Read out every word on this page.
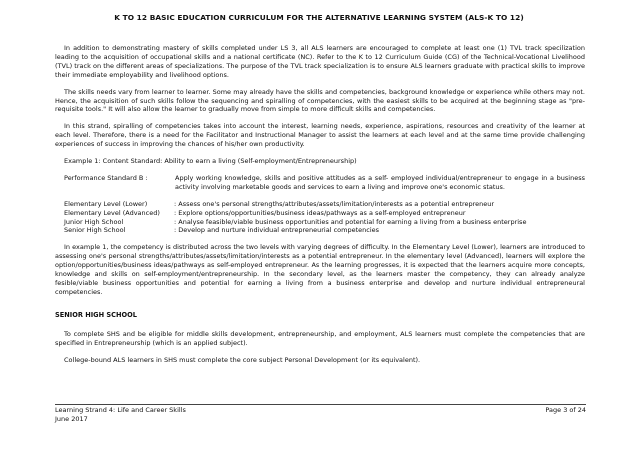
K TO 12 BASIC EDUCATION CURRICULUM FOR THE ALTERNATIVE LEARNING SYSTEM (ALS-K TO 12)

In addition to demonstrating mastery of skills completed under LS 3, all ALS learners are encouraged to complete at least one (1) TVL track specilization leading to the acquisition of occupational skills and a national certificate (NC). Refer to the K to 12 Curriculum Guide (CG) of the Technical-Vocational Livelihood (TVL) track on the different areas of specializations. The purpose of the TVL track specialization is to ensure ALS learners graduate with practical skills to improve their immediate employability and livelihood options.

The skills needs vary from learner to learner. Some may already have the skills and competencies, background knowledge or experience while others may not. Hence, the acquisition of such skills follow the sequencing and spiralling of competencies, with the easiest skills to be acquired at the beginning stage as "pre-requisite tools." It will also allow the learner to gradually move from simple to more difficult skills and competencies.

In this strand, spiralling of competencies takes into account the interest, learning needs, experience, aspirations, resources and creativity of the learner at each level. Therefore, there is a need for the Facilitator and Instructional Manager to assist the learners at each level and at the same time provide challenging experiences of success in improving the chances of his/her own productivity.

Example 1: Content Standard: Ability to earn a living (Self-employment/Entrepreneurship)

Performance Standard B :	Apply working knowledge, skills and positive attitudes as a self- employed individual/entrepreneur to engage in a business activity involving marketable goods and services to earn a living and improve one's economic status.
Elementary Level (Lower)	: Assess one's personal strengths/attributes/assets/limitation/interests as a potential entrepreneur
Elementary Level (Advanced)	: Explore options/opportunities/business ideas/pathways as a self-employed entrepreneur
Junior High School	: Analyse feasible/viable business opportunities and potential for earning a living from a business enterprise
Senior High School	: Develop and nurture individual entrepreneurial competencies

In example 1, the competency is distributed across the two levels with varying degrees of difficulty. In the Elementary Level (Lower), learners are introduced to assessing one's personal strengths/attributes/assets/limitation/interests as a potential entrepreneur. In the elementary level (Advanced), learners will explore the option/opportunities/business ideas/pathways as self-employed entrepreneur. As the learning progresses, it is expected that the learners acquire more concepts, knowledge and skills on self-employment/entrepreneurship. In the secondary level, as the learners master the competency, they can already analyze fesible/viable business opportunities and potential for earning a living from a business enterprise and develop and nurture individual entrepreneural competencies.

SENIOR HIGH SCHOOL

To complete SHS and be eligible for middle skills development, entrepreneurship, and employment, ALS learners must complete the competencies that are specified in Entrepreneurship (which is an applied subject).

College-bound ALS learners in SHS must complete the core subject Personal Development (or its equivalent).

Learning Strand 4: Life and Career Skills
June 2017
Page 3 of 24
